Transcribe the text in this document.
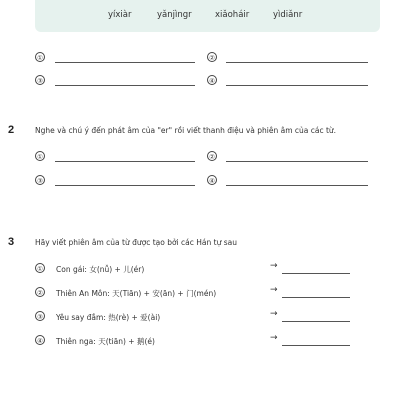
yíxiàr	yǎnjìngr	xiǎoháir	yìdiǎnr
①	②
③	④
2	Nghe và chú ý đến phát âm của "er" rồi viết thanh điệu và phiên âm của các từ.
①	②
③	④
3	Hãy viết phiên âm của từ được tạo bởi các Hán tự sau
① Con gái: 女(nǚ) + 儿(ér)	→
② Thiên An Môn: 天(Tiān) + 安(ān) + 门(mén)	→
③ Yêu say đắm: 热(rè) + 爱(ài)	→
④ Thiên nga: 天(tiān) + 鹅(é)	→
